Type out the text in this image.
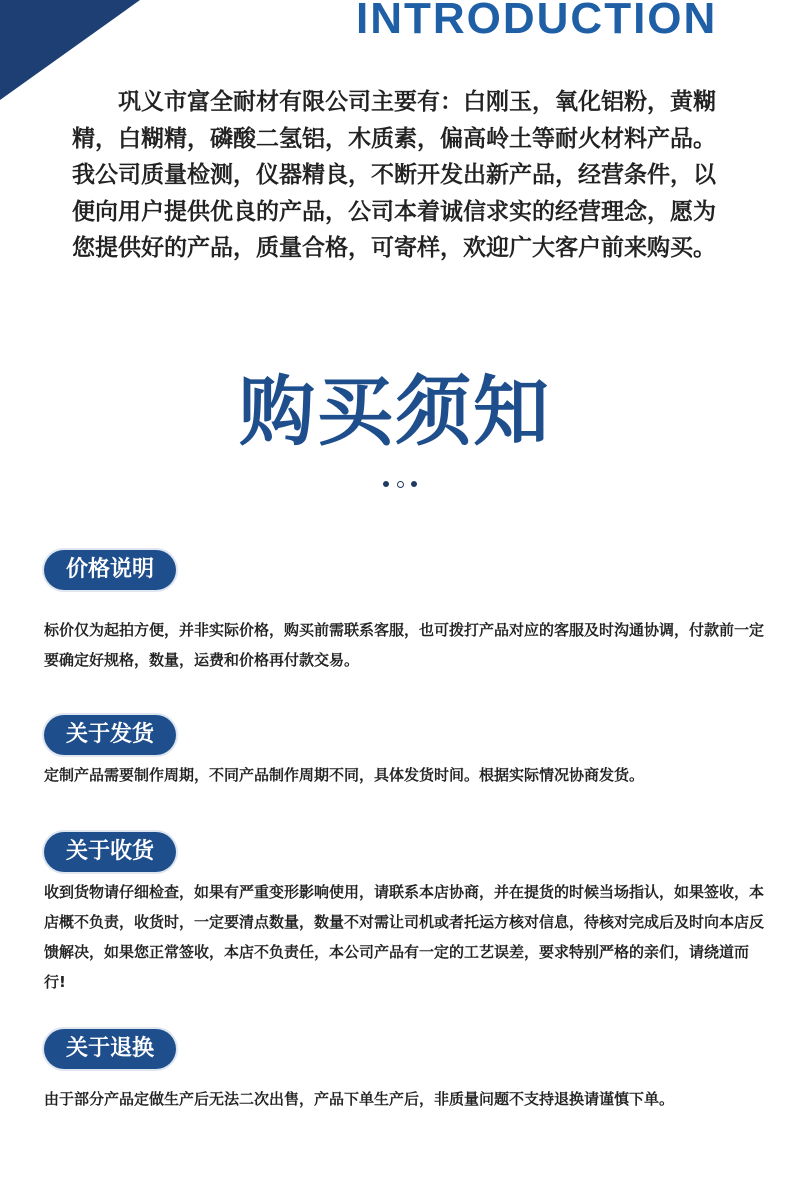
INTRODUCTION

巩义市富全耐材有限公司主要有：白刚玉，氧化铝粉，黄糊精，白糊精，磷酸二氢铝，木质素，偏高岭土等耐火材料产品。我公司质量检测，仪器精良，不断开发出新产品，经营条件，以便向用户提供优良的产品，公司本着诚信求实的经营理念，愿为您提供好的产品，质量合格，可寄样，欢迎广大客户前来购买。

购买须知
价格说明

标价仅为起拍方便，并非实际价格，购买前需联系客服，也可拨打产品对应的客服及时沟通协调，付款前一定要确定好规格，数量，运费和价格再付款交易。

关于发货

定制产品需要制作周期，不同产品制作周期不同，具体发货时间。根据实际情况协商发货。

关于收货

收到货物请仔细检查，如果有严重变形影响使用，请联系本店协商，并在提货的时候当场指认，如果签收，本店概不负责，收货时，一定要清点数量，数量不对需让司机或者托运方核对信息，待核对完成后及时向本店反馈解决，如果您正常签收，本店不负责任，本公司产品有一定的工艺误差，要求特别严格的亲们，请绕道而行!

关于退换

由于部分产品定做生产后无法二次出售，产品下单生产后，非质量问题不支持退换请谨慎下单。
